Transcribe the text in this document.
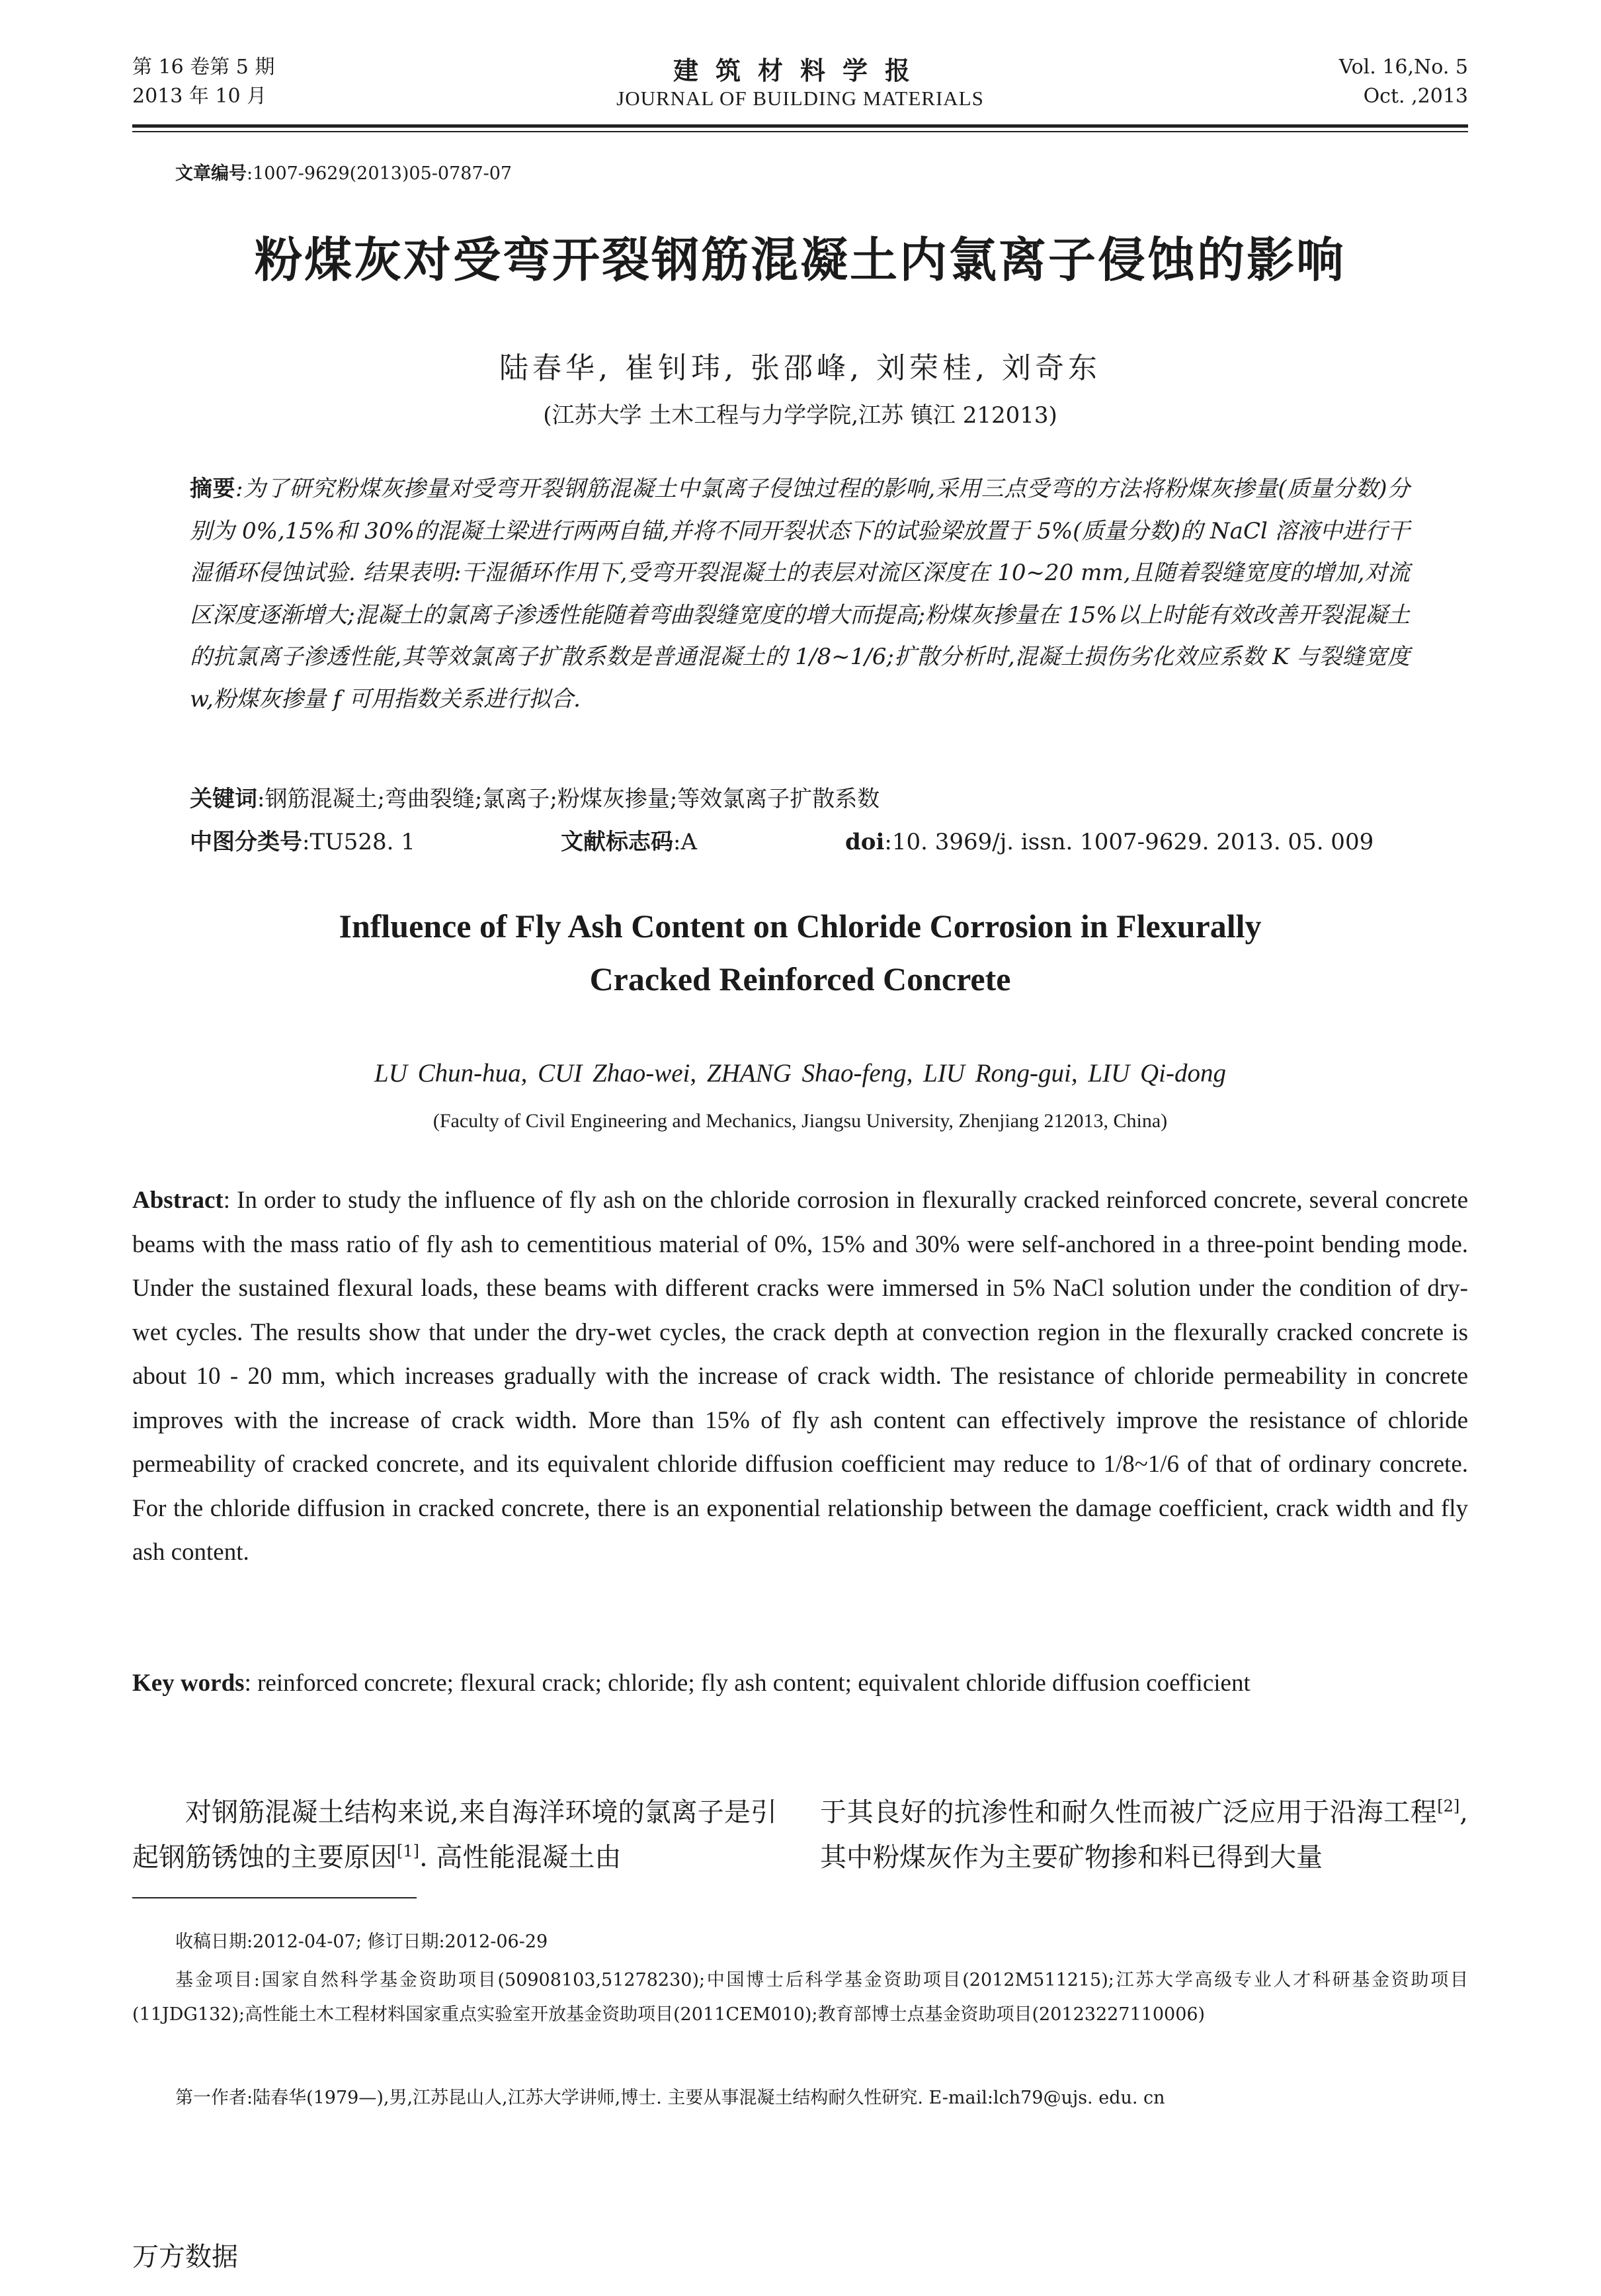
第 16 卷第 5 期
2013 年 10 月
建筑材料学报
JOURNAL OF BUILDING MATERIALS
Vol. 16,No. 5
Oct. ,2013
文章编号:1007-9629(2013)05-0787-07
粉煤灰对受弯开裂钢筋混凝土内氯离子侵蚀的影响
陆春华, 崔钊玮, 张邵峰, 刘荣桂, 刘奇东
(江苏大学 土木工程与力学学院,江苏 镇江 212013)
摘要:为了研究粉煤灰掺量对受弯开裂钢筋混凝土中氯离子侵蚀过程的影响,采用三点受弯的方法将粉煤灰掺量(质量分数)分别为 0%,15%和 30%的混凝土梁进行两两自锚,并将不同开裂状态下的试验梁放置于 5%(质量分数)的 NaCl 溶液中进行干湿循环侵蚀试验. 结果表明:干湿循环作用下,受弯开裂混凝土的表层对流区深度在 10~20 mm,且随着裂缝宽度的增加,对流区深度逐渐增大;混凝土的氯离子渗透性能随着弯曲裂缝宽度的增大而提高;粉煤灰掺量在 15%以上时能有效改善开裂混凝土的抗氯离子渗透性能,其等效氯离子扩散系数是普通混凝土的 1/8~1/6;扩散分析时,混凝土损伤劣化效应系数 K 与裂缝宽度 w,粉煤灰掺量 f 可用指数关系进行拟合.
关键词:钢筋混凝土;弯曲裂缝;氯离子;粉煤灰掺量;等效氯离子扩散系数
中图分类号:TU528. 1	文献标志码:A	doi:10. 3969/j. issn. 1007-9629. 2013. 05. 009
Influence of Fly Ash Content on Chloride Corrosion in Flexurally
Cracked Reinforced Concrete
LU Chun-hua, CUI Zhao-wei, ZHANG Shao-feng, LIU Rong-gui, LIU Qi-dong
(Faculty of Civil Engineering and Mechanics, Jiangsu University, Zhenjiang 212013, China)
Abstract: In order to study the influence of fly ash on the chloride corrosion in flexurally cracked reinforced concrete, several concrete beams with the mass ratio of fly ash to cementitious material of 0%, 15% and 30% were self-anchored in a three-point bending mode. Under the sustained flexural loads, these beams with different cracks were immersed in 5% NaCl solution under the condition of dry-wet cycles. The results show that under the dry-wet cycles, the crack depth at convection region in the flexurally cracked concrete is about 10 - 20 mm, which increases gradually with the increase of crack width. The resistance of chloride permeability in concrete improves with the increase of crack width. More than 15% of fly ash content can effectively improve the resistance of chloride permeability of cracked concrete, and its equivalent chloride diffusion coefficient may reduce to 1/8~1/6 of that of ordinary concrete. For the chloride diffusion in cracked concrete, there is an exponential relationship between the damage coefficient, crack width and fly ash content.
Key words: reinforced concrete; flexural crack; chloride; fly ash content; equivalent chloride diffusion coefficient
对钢筋混凝土结构来说,来自海洋环境的氯离子是引起钢筋锈蚀的主要原因[1]. 高性能混凝土由
于其良好的抗渗性和耐久性而被广泛应用于沿海工程[2],其中粉煤灰作为主要矿物掺和料已得到大量
收稿日期:2012-04-07; 修订日期:2012-06-29
基金项目:国家自然科学基金资助项目(50908103,51278230);中国博士后科学基金资助项目(2012M511215);江苏大学高级专业人才科研基金资助项目(11JDG132);高性能土木工程材料国家重点实验室开放基金资助项目(2011CEM010);教育部博士点基金资助项目(20123227110006)
第一作者:陆春华(1979—),男,江苏昆山人,江苏大学讲师,博士. 主要从事混凝土结构耐久性研究. E-mail:lch79@ujs. edu. cn
万方数据
